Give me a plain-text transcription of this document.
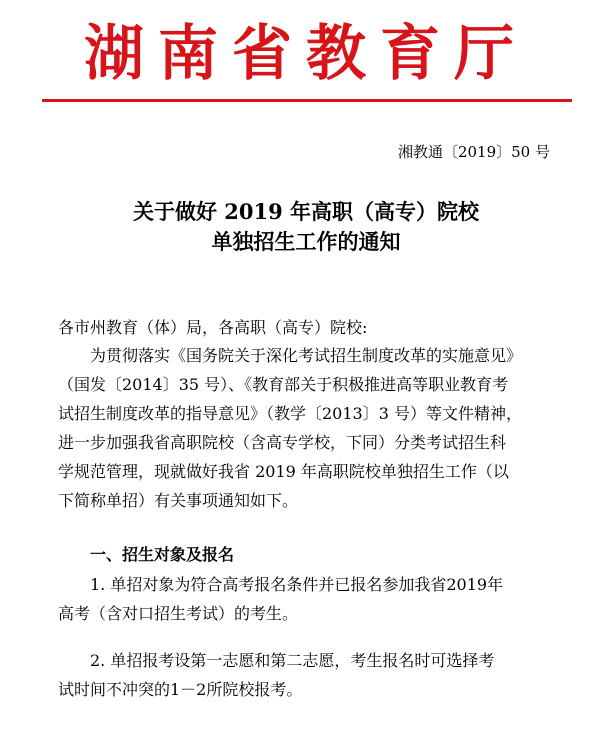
湖南省教育厅
湘教通〔2019〕50 号
关于做好 2019 年高职（高专）院校
单独招生工作的通知
各市州教育（体）局，各高职（高专）院校:
为贯彻落实《国务院关于深化考试招生制度改革的实施意见》
（国发〔2014〕35 号）、《教育部关于积极推进高等职业教育考
试招生制度改革的指导意见》（教学〔2013〕3 号）等文件精神，
进一步加强我省高职院校（含高专学校，下同）分类考试招生科
学规范管理，现就做好我省 2019 年高职院校单独招生工作（以
下简称单招）有关事项通知如下。
一、招生对象及报名
1. 单招对象为符合高考报名条件并已报名参加我省2019年
高考（含对口招生考试）的考生。
2. 单招报考设第一志愿和第二志愿，考生报名时可选择考
试时间不冲突的1－2所院校报考。
